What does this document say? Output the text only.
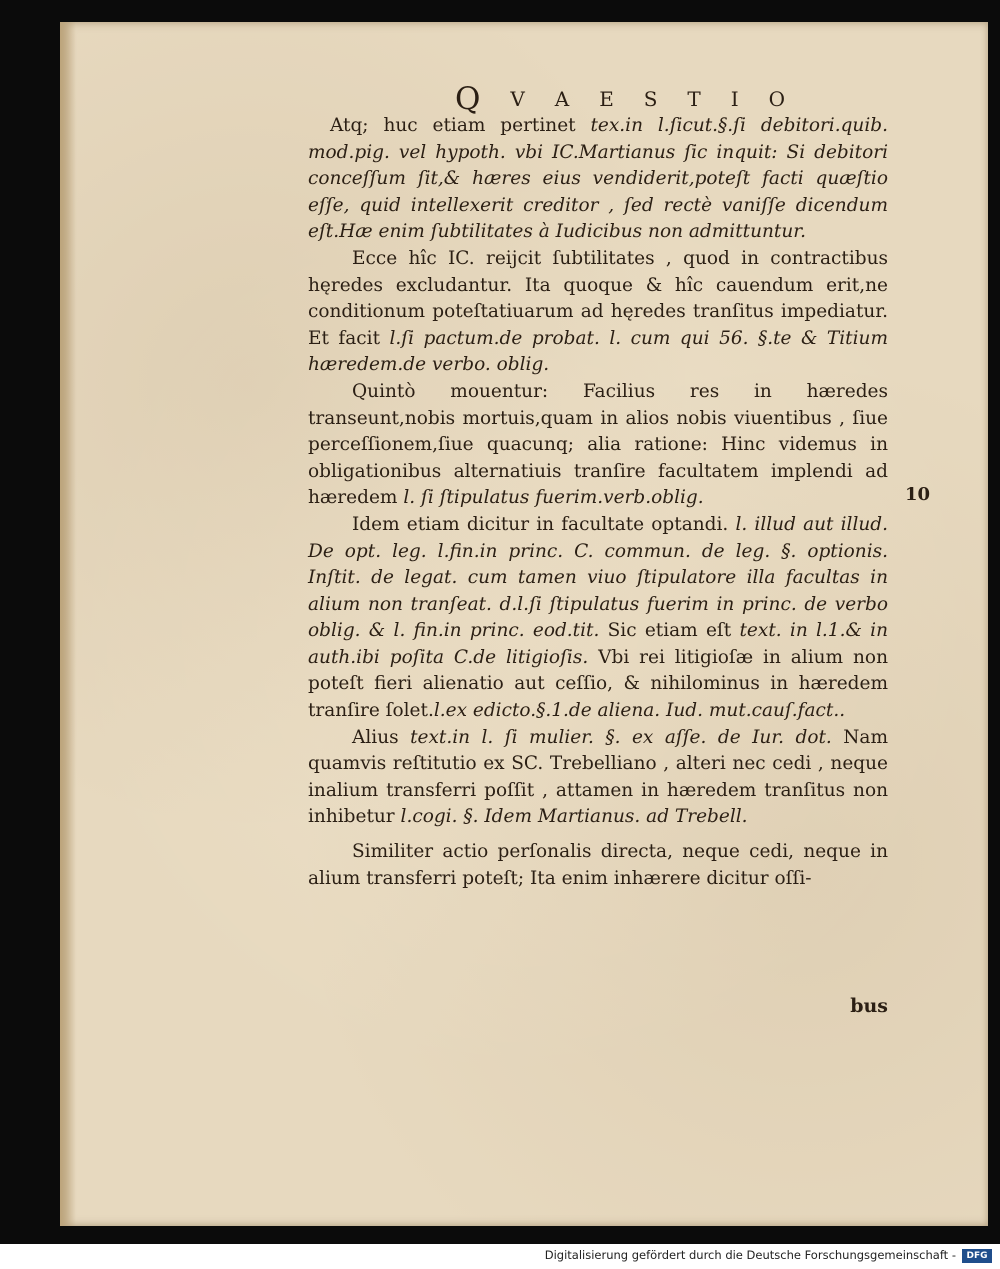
Q V A E S T I O

Atq; huc etiam pertinet tex.in l.ſicut.§.ſi debitori.quib. mod.pig. vel hypoth. vbi IC.Martianus ſic inquit: Si debitori conceſſum ſit,& hæres eius vendiderit,poteſt facti quæſtio eſſe, quid intellexerit creditor , ſed rectè vaniſſe dicendum eſt.Hæ enim ſubtilitates à Iudicibus non admittuntur.

Ecce hîc IC. reijcit ſubtilitates , quod in contractibus hęredes excludantur. Ita quoque & hîc cauendum erit,ne conditionum poteſtatiuarum ad hęredes tranſitus impediatur. Et facit l.ſi pactum.de probat. l. cum qui 56. §.te & Titium hæredem.de verbo. oblig.

Quintò mouentur: Facilius res in hæredes transeunt,nobis mortuis,quam in alios nobis viuentibus , ſiue perceſſionem,ſiue quacunq; alia ratione: Hinc videmus in obligationibus alternatiuis tranſire facultatem implendi ad hæredem l. ſi ſtipulatus fuerim.verb.oblig.

Idem etiam dicitur in facultate optandi. l. illud aut illud. De opt. leg. l.fin.in princ. C. commun. de leg. §. optionis. Inſtit. de legat. cum tamen viuo ſtipulatore illa facultas in alium non tranſeat. d.l.ſi ſtipulatus fuerim in princ. de verbo oblig. & l. fin.in princ. eod.tit. Sic etiam eſt text. in l.1.& in auth.ibi poſita C.de litigioſis. Vbi rei litigioſæ in alium non poteſt fieri alienatio aut ceſſio, & nihilominus in hæredem tranſire ſolet.l.ex edicto.§.1.de aliena. Iud. mut.cauſ.fact..

Alius text.in l. ſi mulier. §. ex aſſe. de Iur. dot. Nam quamvis reſtitutio ex SC. Trebelliano , alteri nec cedi , neque inalium transferri poſſit , attamen in hæredem tranſitus non inhibetur l.cogi. §. Idem Martianus. ad Trebell.

Similiter actio perſonalis directa, neque cedi, neque in alium transferri poteſt; Ita enim inhærere dicitur oſſi-

bus
10
Digitalisierung gefördert durch die Deutsche Forschungsgemeinschaft -	DFG
